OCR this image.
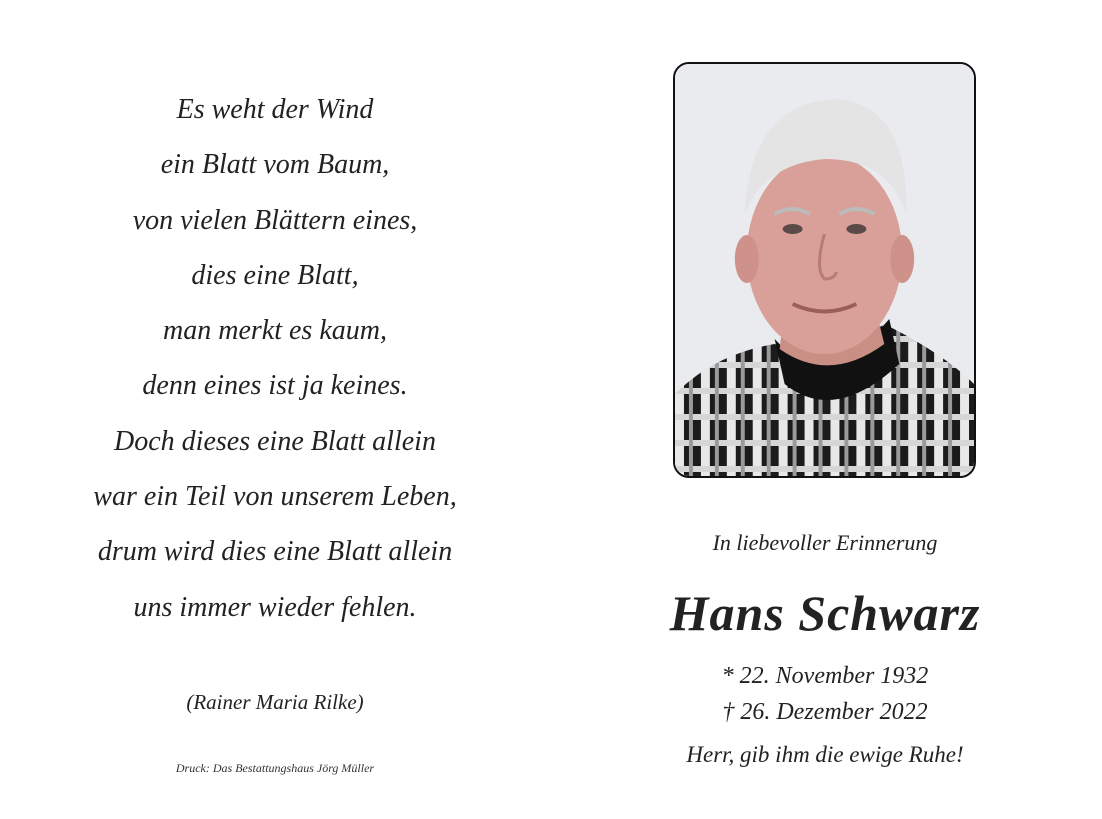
Es weht der Wind
ein Blatt vom Baum,
von vielen Blättern eines,
dies eine Blatt,
man merkt es kaum,
denn eines ist ja keines.
Doch dieses eine Blatt allein
war ein Teil von unserem Leben,
drum wird dies eine Blatt allein
uns immer wieder fehlen.
(Rainer Maria Rilke)
Druck: Das Bestattungshaus Jörg Müller
In liebevoller Erinnerung
Hans Schwarz
* 22. November 1932
† 26. Dezember 2022
Herr, gib ihm die ewige Ruhe!
